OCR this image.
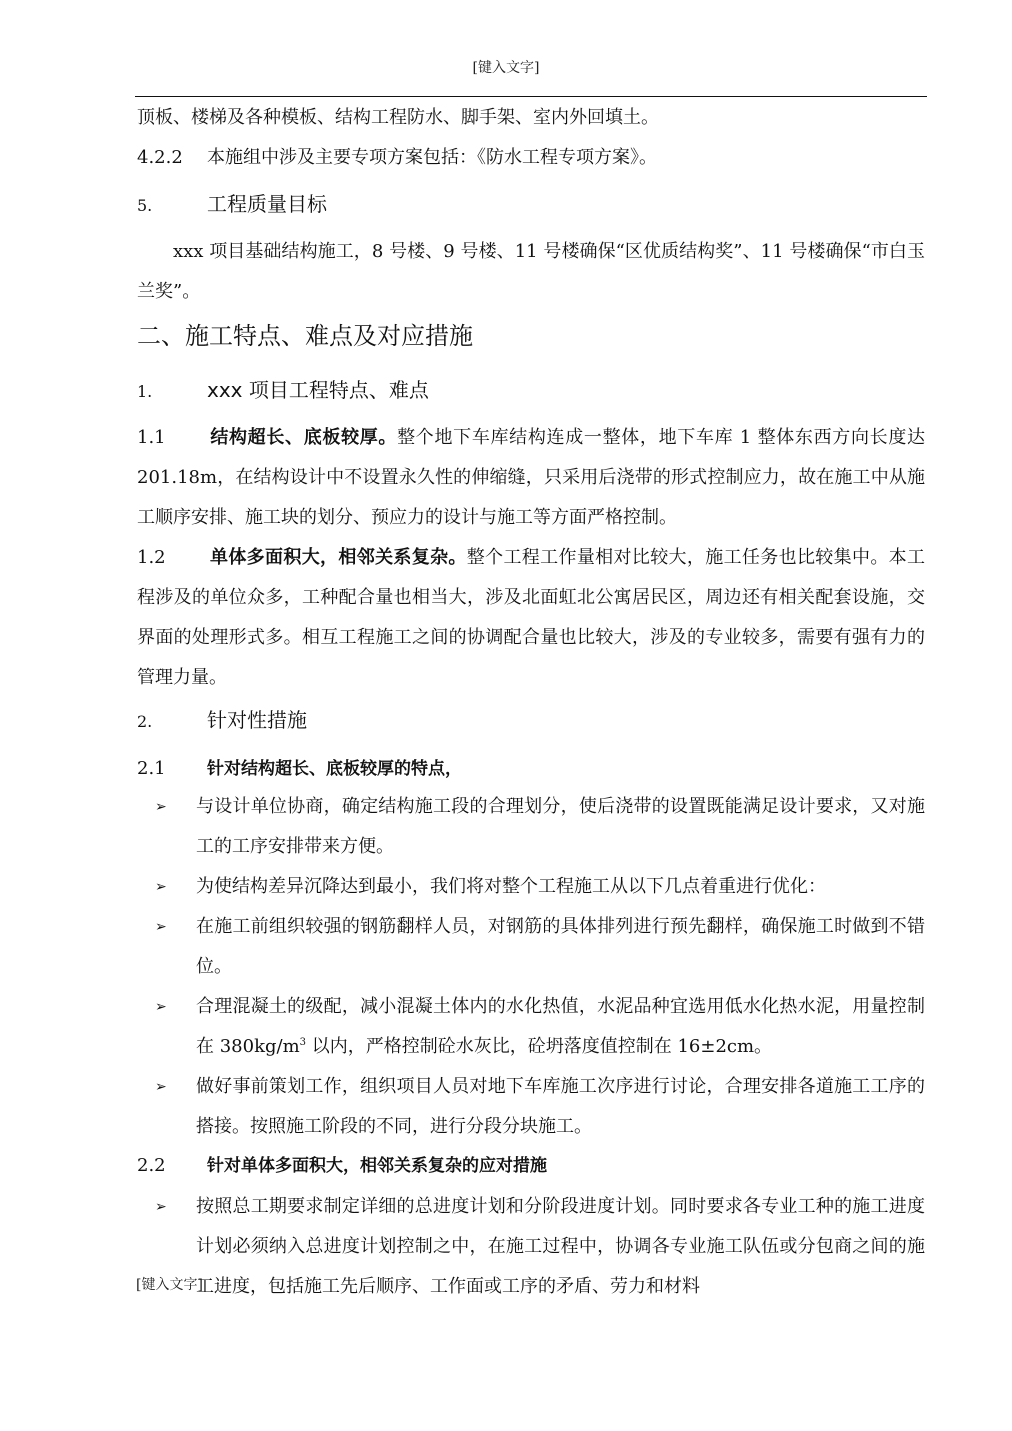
[键入文字]
顶板、楼梯及各种模板、结构工程防水、脚手架、室内外回填土。
4.2.2 本施组中涉及主要专项方案包括：《防水工程专项方案》。
5.	工程质量目标

xxx 项目基础结构施工，8 号楼、9 号楼、11 号楼确保“区优质结构奖”、11 号楼确保“市白玉兰奖”。

二、施工特点、难点及对应措施
1.	xxx 项目工程特点、难点

1.1 结构超长、底板较厚。整个地下车库结构连成一整体，地下车库 1 整体东西方向长度达 201.18m，在结构设计中不设置永久性的伸缩缝，只采用后浇带的形式控制应力，故在施工中从施工顺序安排、施工块的划分、预应力的设计与施工等方面严格控制。

1.2 单体多面积大，相邻关系复杂。整个工程工作量相对比较大，施工任务也比较集中。本工程涉及的单位众多，工种配合量也相当大，涉及北面虹北公寓居民区，周边还有相关配套设施，交界面的处理形式多。相互工程施工之间的协调配合量也比较大，涉及的专业较多，需要有强有力的管理力量。

2.	针对性措施
2.1 针对结构超长、底板较厚的特点，
➢ 与设计单位协商，确定结构施工段的合理划分，使后浇带的设置既能满足设计要求，又对施工的工序安排带来方便。

➢ 为使结构差异沉降达到最小，我们将对整个工程施工从以下几点着重进行优化：

➢ 在施工前组织较强的钢筋翻样人员，对钢筋的具体排列进行预先翻样，确保施工时做到不错位。

➢ 合理混凝土的级配，减小混凝土体内的水化热值，水泥品种宜选用低水化热水泥，用量控制在 $380kg/m^3$ 以内，严格控制砼水灰比，砼坍落度值控制在 16±2cm。

➢ 做好事前策划工作，组织项目人员对地下车库施工次序进行讨论，合理安排各道施工工序的搭接。按照施工阶段的不同，进行分段分块施工。

2.2 针对单体多面积大，相邻关系复杂的应对措施
➢ 按照总工期要求制定详细的总进度计划和分阶段进度计划。同时要求各专业工种的施工进度计划必须纳入总进度计划控制之中，在施工过程中，协调各专业施工队伍或分包商之间的施工进度，包括施工先后顺序、工作面或工序的矛盾、劳力和材料

[键入文字]
